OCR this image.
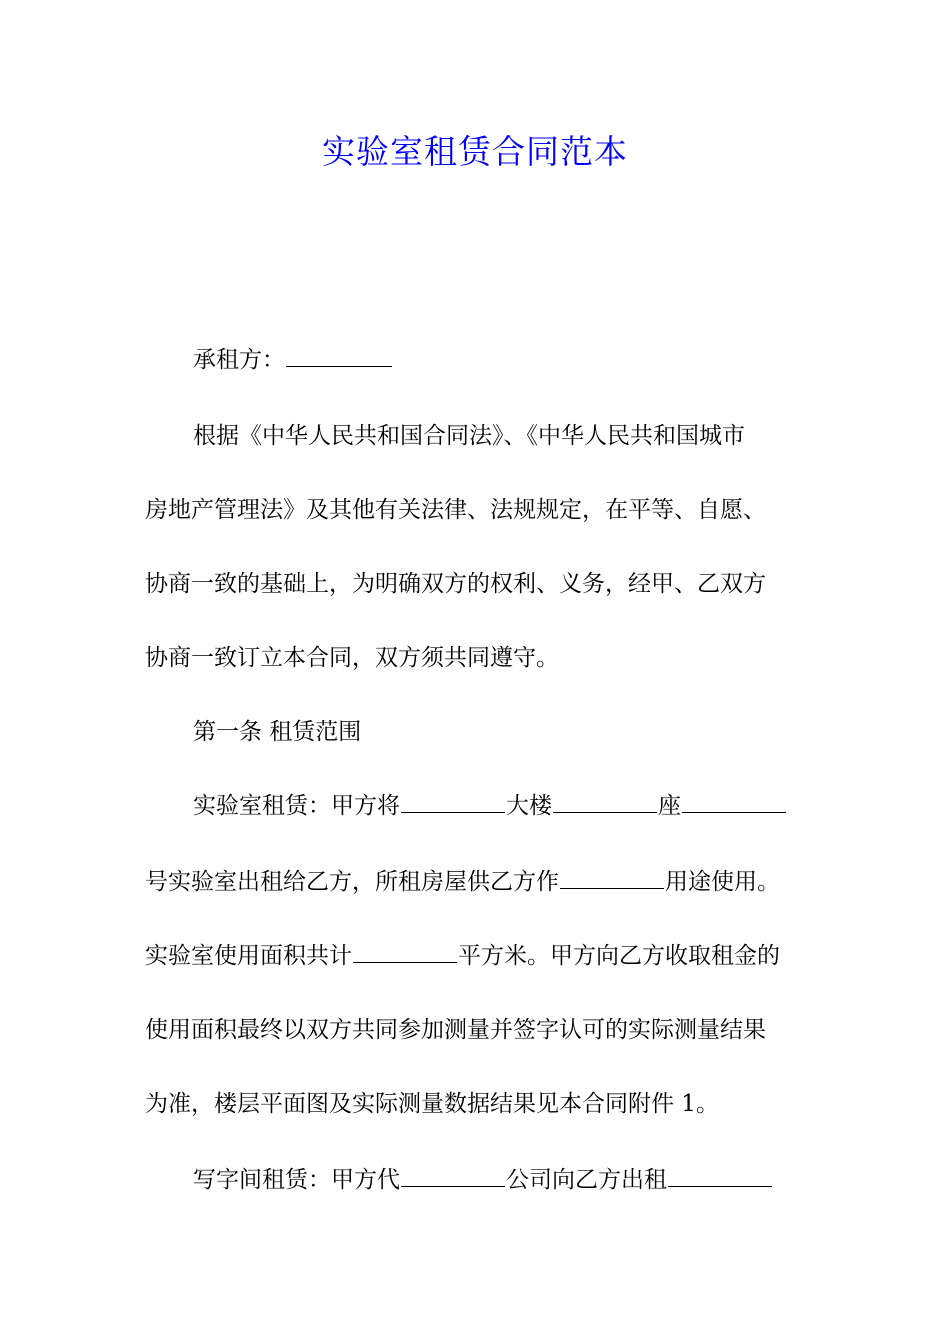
实验室租赁合同范本
承租方：
根据《中华人民共和国合同法》、《中华人民共和国城市
房地产管理法》及其他有关法律、法规规定，在平等、自愿、
协商一致的基础上，为明确双方的权利、义务，经甲、乙双方
协商一致订立本合同，双方须共同遵守。
第一条 租赁范围
实验室租赁：甲方将	大楼	座
号实验室出租给乙方，所租房屋供乙方作	用途使用。
实验室使用面积共计	平方米。甲方向乙方收取租金的
使用面积最终以双方共同参加测量并签字认可的实际测量结果
为准，楼层平面图及实际测量数据结果见本合同附件 1。
写字间租赁：甲方代	公司向乙方出租
